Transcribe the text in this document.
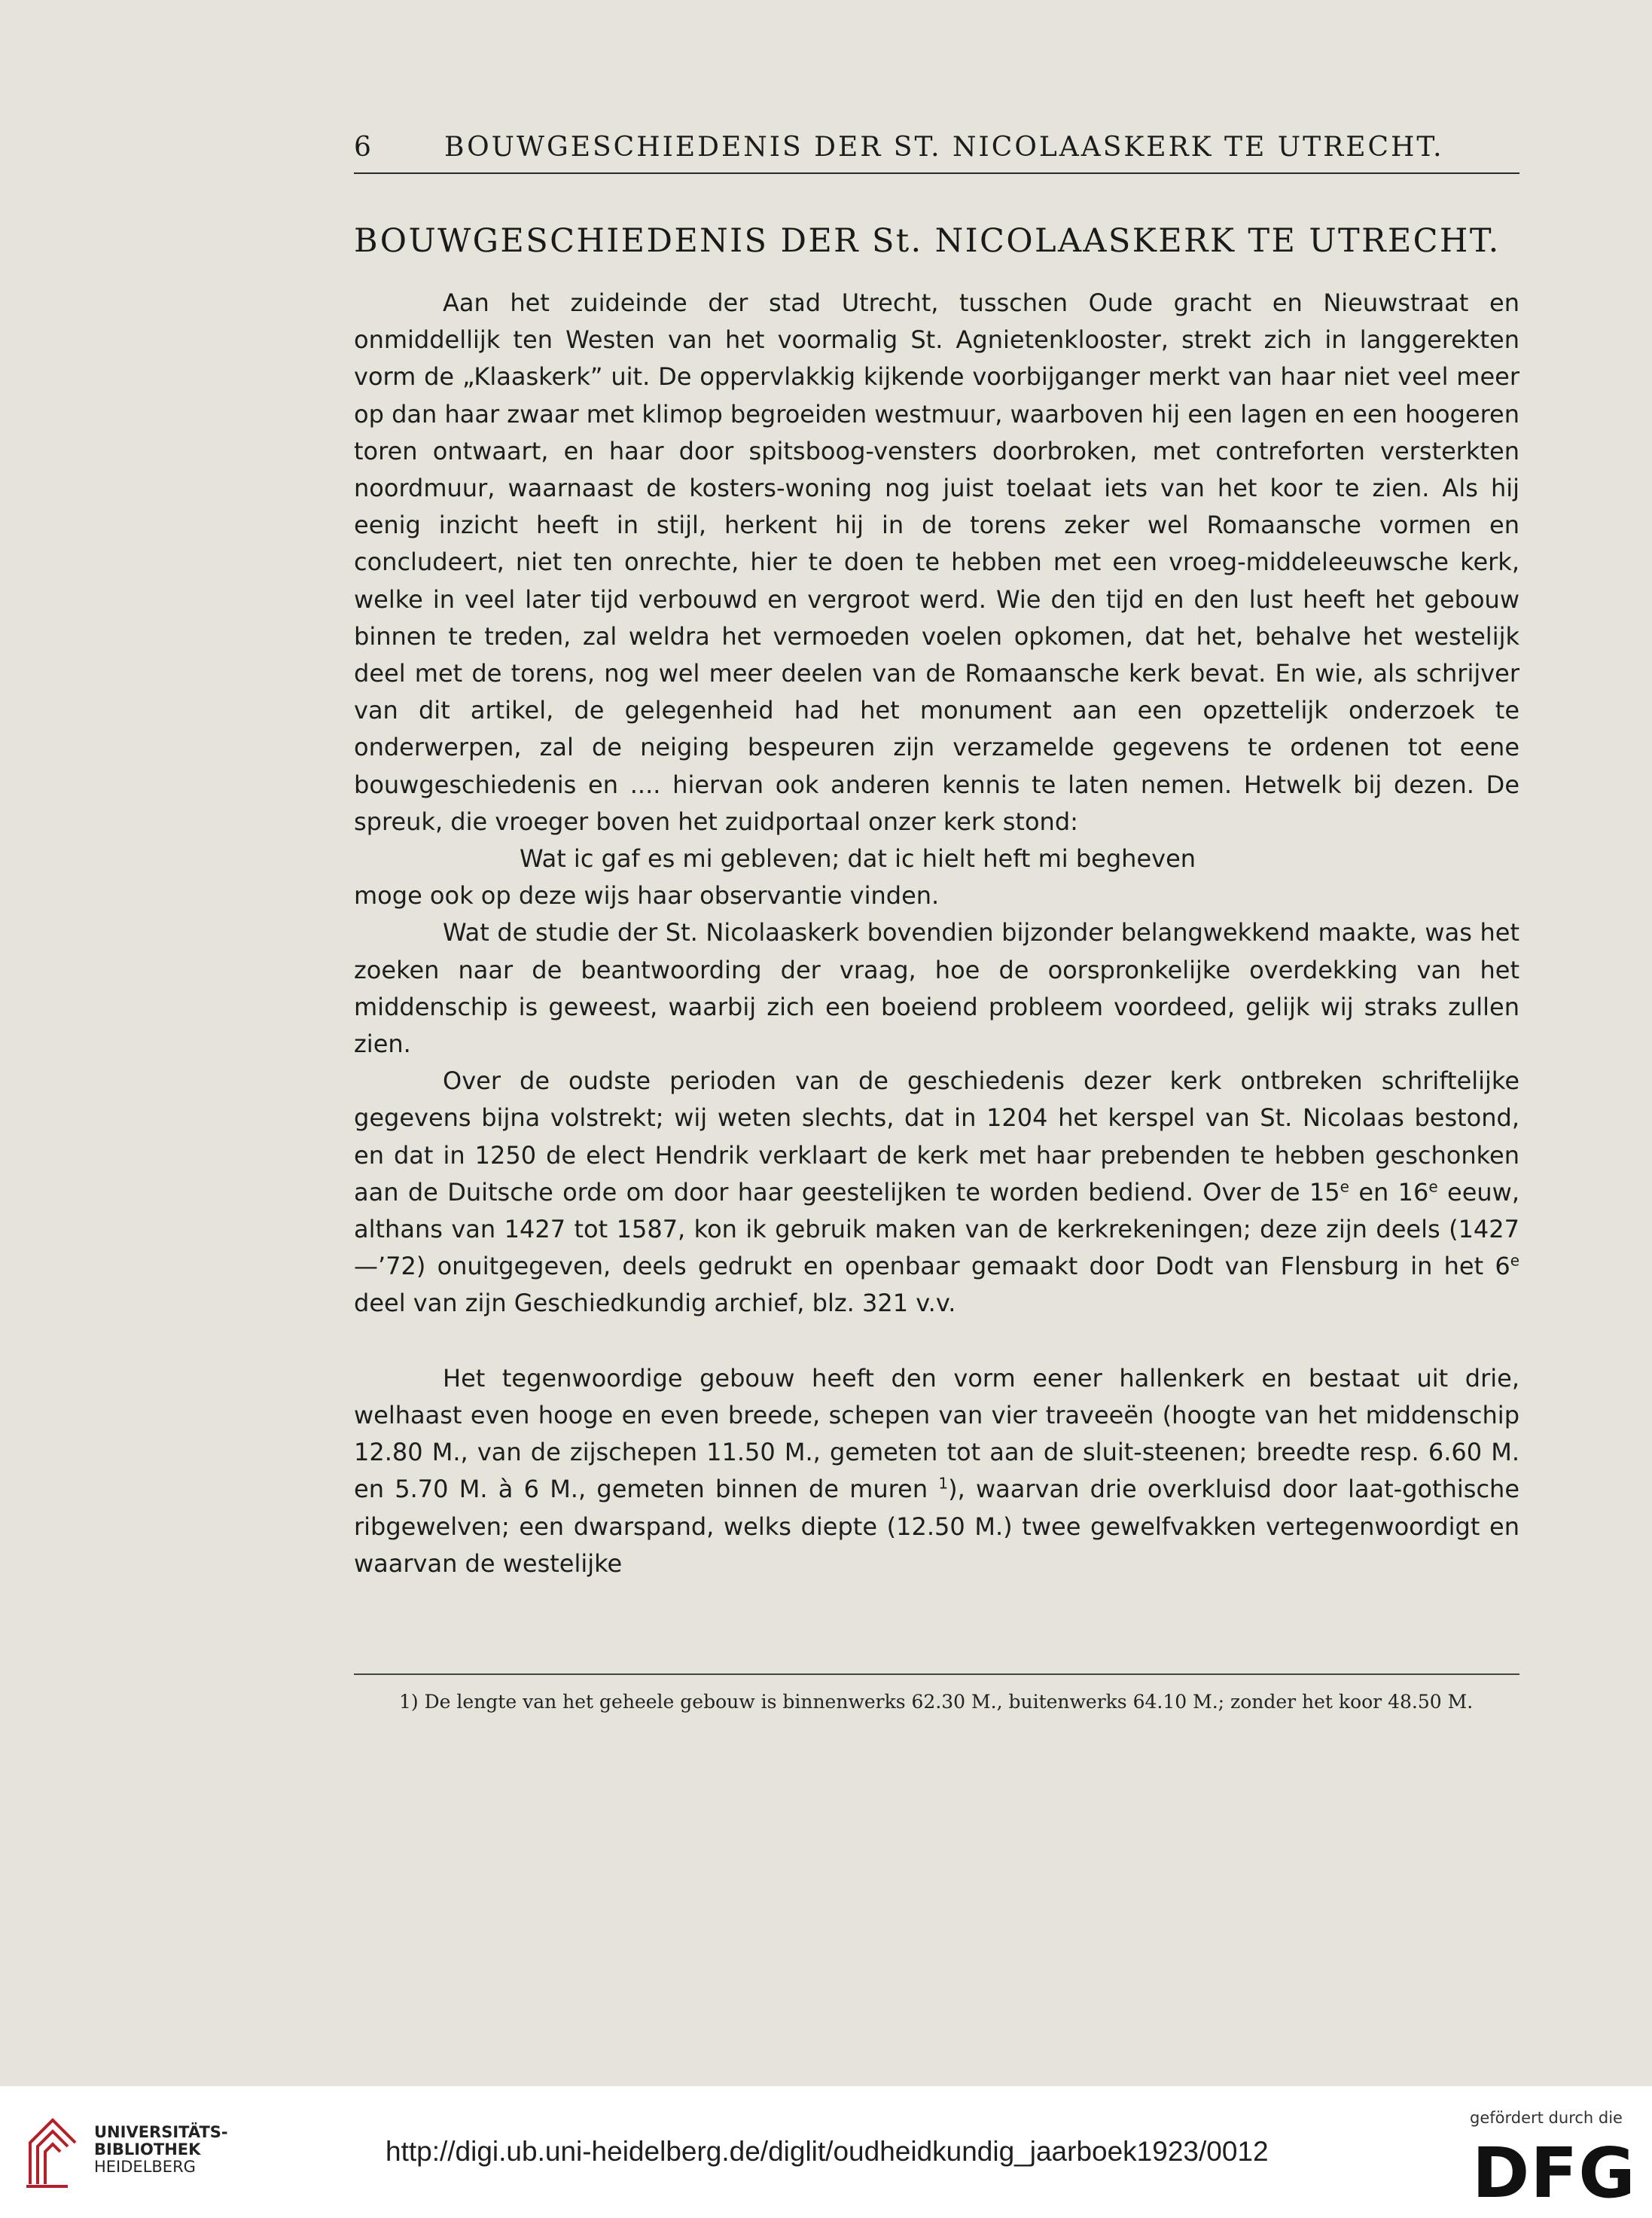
6	BOUWGESCHIEDENIS DER ST. NICOLAASKERK TE UTRECHT.
BOUWGESCHIEDENIS DER St. NICOLAASKERK TE UTRECHT.

Aan het zuideinde der stad Utrecht, tusschen Oude gracht en Nieuwstraat en onmiddellijk ten Westen van het voormalig St. Agnietenklooster, strekt zich in langgerekten vorm de „Klaaskerk” uit. De oppervlakkig kijkende voorbijganger merkt van haar niet veel meer op dan haar zwaar met klimop begroeiden westmuur, waarboven hij een lagen en een hoogeren toren ontwaart, en haar door spitsboog-vensters doorbroken, met contreforten versterkten noordmuur, waarnaast de kosters-woning nog juist toelaat iets van het koor te zien. Als hij eenig inzicht heeft in stijl, herkent hij in de torens zeker wel Romaansche vormen en concludeert, niet ten onrechte, hier te doen te hebben met een vroeg-middeleeuwsche kerk, welke in veel later tijd verbouwd en vergroot werd. Wie den tijd en den lust heeft het gebouw binnen te treden, zal weldra het vermoeden voelen opkomen, dat het, behalve het westelijk deel met de torens, nog wel meer deelen van de Romaansche kerk bevat. En wie, als schrijver van dit artikel, de gelegenheid had het monument aan een opzettelijk onderzoek te onderwerpen, zal de neiging bespeuren zijn verzamelde gegevens te ordenen tot eene bouwgeschiedenis en .... hiervan ook anderen kennis te laten nemen. Hetwelk bij dezen. De spreuk, die vroeger boven het zuidportaal onzer kerk stond:

Wat ic gaf es mi gebleven; dat ic hielt heft mi begheven

moge ook op deze wijs haar observantie vinden.

Wat de studie der St. Nicolaaskerk bovendien bijzonder belangwekkend maakte, was het zoeken naar de beantwoording der vraag, hoe de oorspronkelijke overdekking van het middenschip is geweest, waarbij zich een boeiend probleem voordeed, gelijk wij straks zullen zien.

Over de oudste perioden van de geschiedenis dezer kerk ontbreken schriftelijke gegevens bijna volstrekt; wij weten slechts, dat in 1204 het kerspel van St. Nicolaas bestond, en dat in 1250 de elect Hendrik verklaart de kerk met haar prebenden te hebben geschonken aan de Duitsche orde om door haar geestelijken te worden bediend. Over de 15e en 16e eeuw, althans van 1427 tot 1587, kon ik gebruik maken van de kerkrekeningen; deze zijn deels (1427—’72) onuitgegeven, deels gedrukt en openbaar gemaakt door Dodt van Flensburg in het 6e deel van zijn Geschiedkundig archief, blz. 321 v.v.

Het tegenwoordige gebouw heeft den vorm eener hallenkerk en bestaat uit drie, welhaast even hooge en even breede, schepen van vier traveeën (hoogte van het middenschip 12.80 M., van de zijschepen 11.50 M., gemeten tot aan de sluit-steenen; breedte resp. 6.60 M. en 5.70 M. à 6 M., gemeten binnen de muren $^1$), waarvan drie overkluisd door laat-gothische ribgewelven; een dwarspand, welks diepte (12.50 M.) twee gewelfvakken vertegenwoordigt en waarvan de westelijke

1) De lengte van het geheele gebouw is binnenwerks 62.30 M., buitenwerks 64.10 M.; zonder het koor 48.50 M.
UNIVERSITÄTS-
BIBLIOTHEK
HEIDELBERG	http://digi.ub.uni-heidelberg.de/diglit/oudheidkundig_jaarboek1923/0012
gefördert durch die
DFG
